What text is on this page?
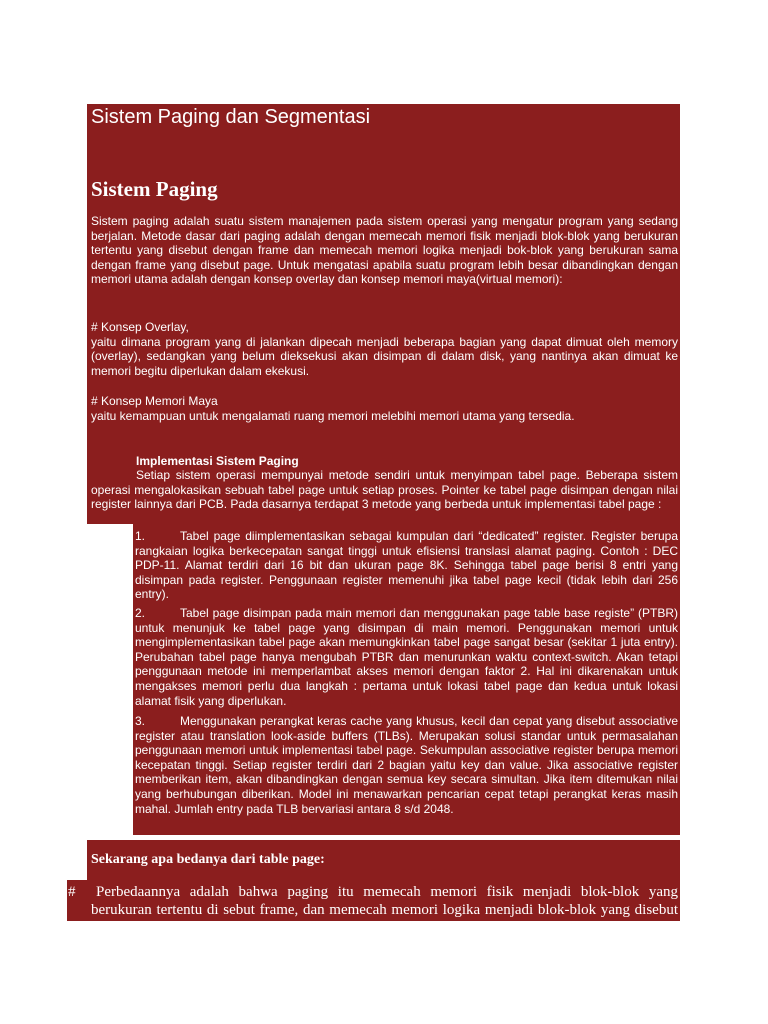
Sistem Paging dan Segmentasi
Sistem Paging

Sistem paging adalah suatu sistem manajemen pada sistem operasi yang mengatur program yang sedang berjalan. Metode dasar dari paging adalah dengan memecah memori fisik menjadi blok-blok yang berukuran tertentu yang disebut dengan frame dan memecah memori logika menjadi bok-blok yang berukuran sama dengan frame yang disebut page. Untuk mengatasi apabila suatu program lebih besar dibandingkan dengan memori utama adalah dengan konsep overlay dan konsep memori maya(virtual memori):

# Konsep Overlay,
yaitu dimana program yang di jalankan dipecah menjadi beberapa bagian yang dapat dimuat oleh memory (overlay), sedangkan yang belum dieksekusi akan disimpan di dalam disk, yang nantinya akan dimuat ke memori begitu diperlukan dalam ekekusi.
# Konsep Memori Maya
yaitu kemampuan untuk mengalamati ruang memori melebihi memori utama yang tersedia.
Implementasi Sistem Paging

Setiap sistem operasi mempunyai metode sendiri untuk menyimpan tabel page. Beberapa sistem operasi mengalokasikan sebuah tabel page untuk setiap proses. Pointer ke tabel page disimpan dengan nilai register lainnya dari PCB. Pada dasarnya terdapat 3 metode yang berbeda untuk implementasi tabel page :

1.	Tabel page diimplementasikan sebagai kumpulan dari “dedicated” register. Register berupa rangkaian logika berkecepatan sangat tinggi untuk efisiensi translasi alamat paging. Contoh : DEC PDP-11. Alamat terdiri dari 16 bit dan ukuran page 8K. Sehingga tabel page berisi 8 entri yang disimpan pada register. Penggunaan register memenuhi jika tabel page kecil (tidak lebih dari 256 entry).
2.	Tabel page disimpan pada main memori dan menggunakan page table base registe” (PTBR) untuk menunjuk ke tabel page yang disimpan di main memori. Penggunakan memori untuk mengimplementasikan tabel page akan memungkinkan tabel page sangat besar (sekitar 1 juta entry). Perubahan tabel page hanya mengubah PTBR dan menurunkan waktu context-switch. Akan tetapi penggunaan metode ini memperlambat akses memori dengan faktor 2. Hal ini dikarenakan untuk mengakses memori perlu dua langkah : pertama untuk lokasi tabel page dan kedua untuk lokasi alamat fisik yang diperlukan.
3.	Menggunakan perangkat keras cache yang khusus, kecil dan cepat yang disebut associative register atau translation look-aside buffers (TLBs). Merupakan solusi standar untuk permasalahan penggunaan memori untuk implementasi tabel page. Sekumpulan associative register berupa memori kecepatan tinggi. Setiap register terdiri dari 2 bagian yaitu key dan value. Jika associative register memberikan item, akan dibandingkan dengan semua key secara simultan. Jika item ditemukan nilai yang berhubungan diberikan. Model ini menawarkan pencarian cepat tetapi perangkat keras masih mahal. Jumlah entry pada TLB bervariasi antara 8 s/d 2048.
Sekarang apa bedanya dari table page:
#	Perbedaannya adalah bahwa paging itu memecah memori fisik menjadi blok-blok yang berukuran tertentu di sebut frame, dan memecah memori logika menjadi blok-blok yang disebut
